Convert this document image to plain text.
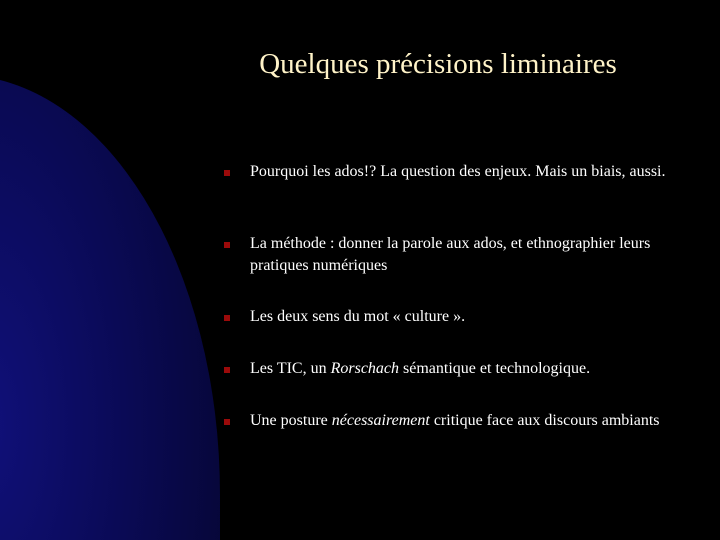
Quelques précisions liminaires
Pourquoi les ados!? La question des enjeux. Mais un biais, aussi.
La méthode : donner la parole aux ados, et ethnographier leurs pratiques numériques
Les deux sens du mot « culture ».
Les TIC, un Rorschach sémantique et technologique.
Une posture nécessairement critique face aux discours ambiants
